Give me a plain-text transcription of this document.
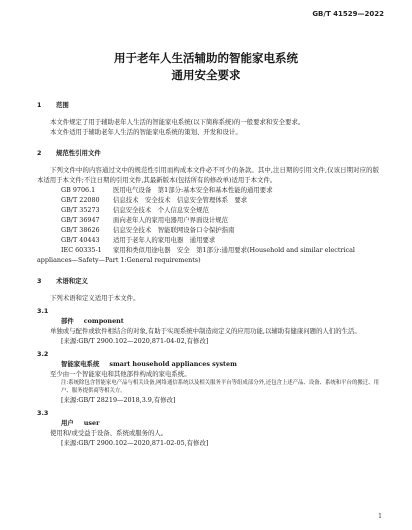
GB/T 41529—2022
用于老年人生活辅助的智能家电系统
通用安全要求
1 范围
本文件规定了用于辅助老年人生活的智能家电系统(以下简称系统)的一般要求和安全要求。
本文件适用于辅助老年人生活的智能家电系统的策划、开发和设计。
2 规范性引用文件
下列文件中的内容通过文中的规范性引用而构成本文件必不可少的条款。其中,注日期的引用文件,仅该日期对应的版本适用于本文件;不注日期的引用文件,其最新版本(包括所有的修改单)适用于本文件。
GB 9706.1	医用电气设备　第1部分:基本安全和基本性能的通用要求
GB/T 22080 信息技术　安全技术　信息安全管理体系　要求
GB/T 35273 信息安全技术　个人信息安全规范
GB/T 36947 面向老年人的家用电器用户界面设计规范
GB/T 38626 信息安全技术　智能联网设备口令保护指南
GB/T 40443 适用于老年人的家用电器　通用要求
IEC 60335-1 家用和类似用途电器　安全　第1部分:通用要求(Household and similar electrical
appliances—Safety—Part 1:General requirements)
3 术语和定义
下列术语和定义适用于本文件。
3.1
部件 component
单独或与配件或软件相结合的对象,有助于实现系统中制造商定义的应用功能,以辅助有健康问题的人们的生活。
[来源:GB/T 2900.102—2020,871-04-02,有修改]
3.2
智能家电系统 smart household appliances system
至少由一个智能家电和其他部件构成的家电系统。
注:系统除包含智能家电产品与相关设备,网络通信系统以及相关服务平台等组成部分外,还包含上述产品、设备、系统和平台的搬迁、用户、服务提供商等相关方。
[来源:GB/T 28219—2018,3.9,有修改]
3.3
用户 user
使用和/或受益于设备、系统或服务的人。
[来源:GB/T 2900.102—2020,871-02-05,有修改]
1
